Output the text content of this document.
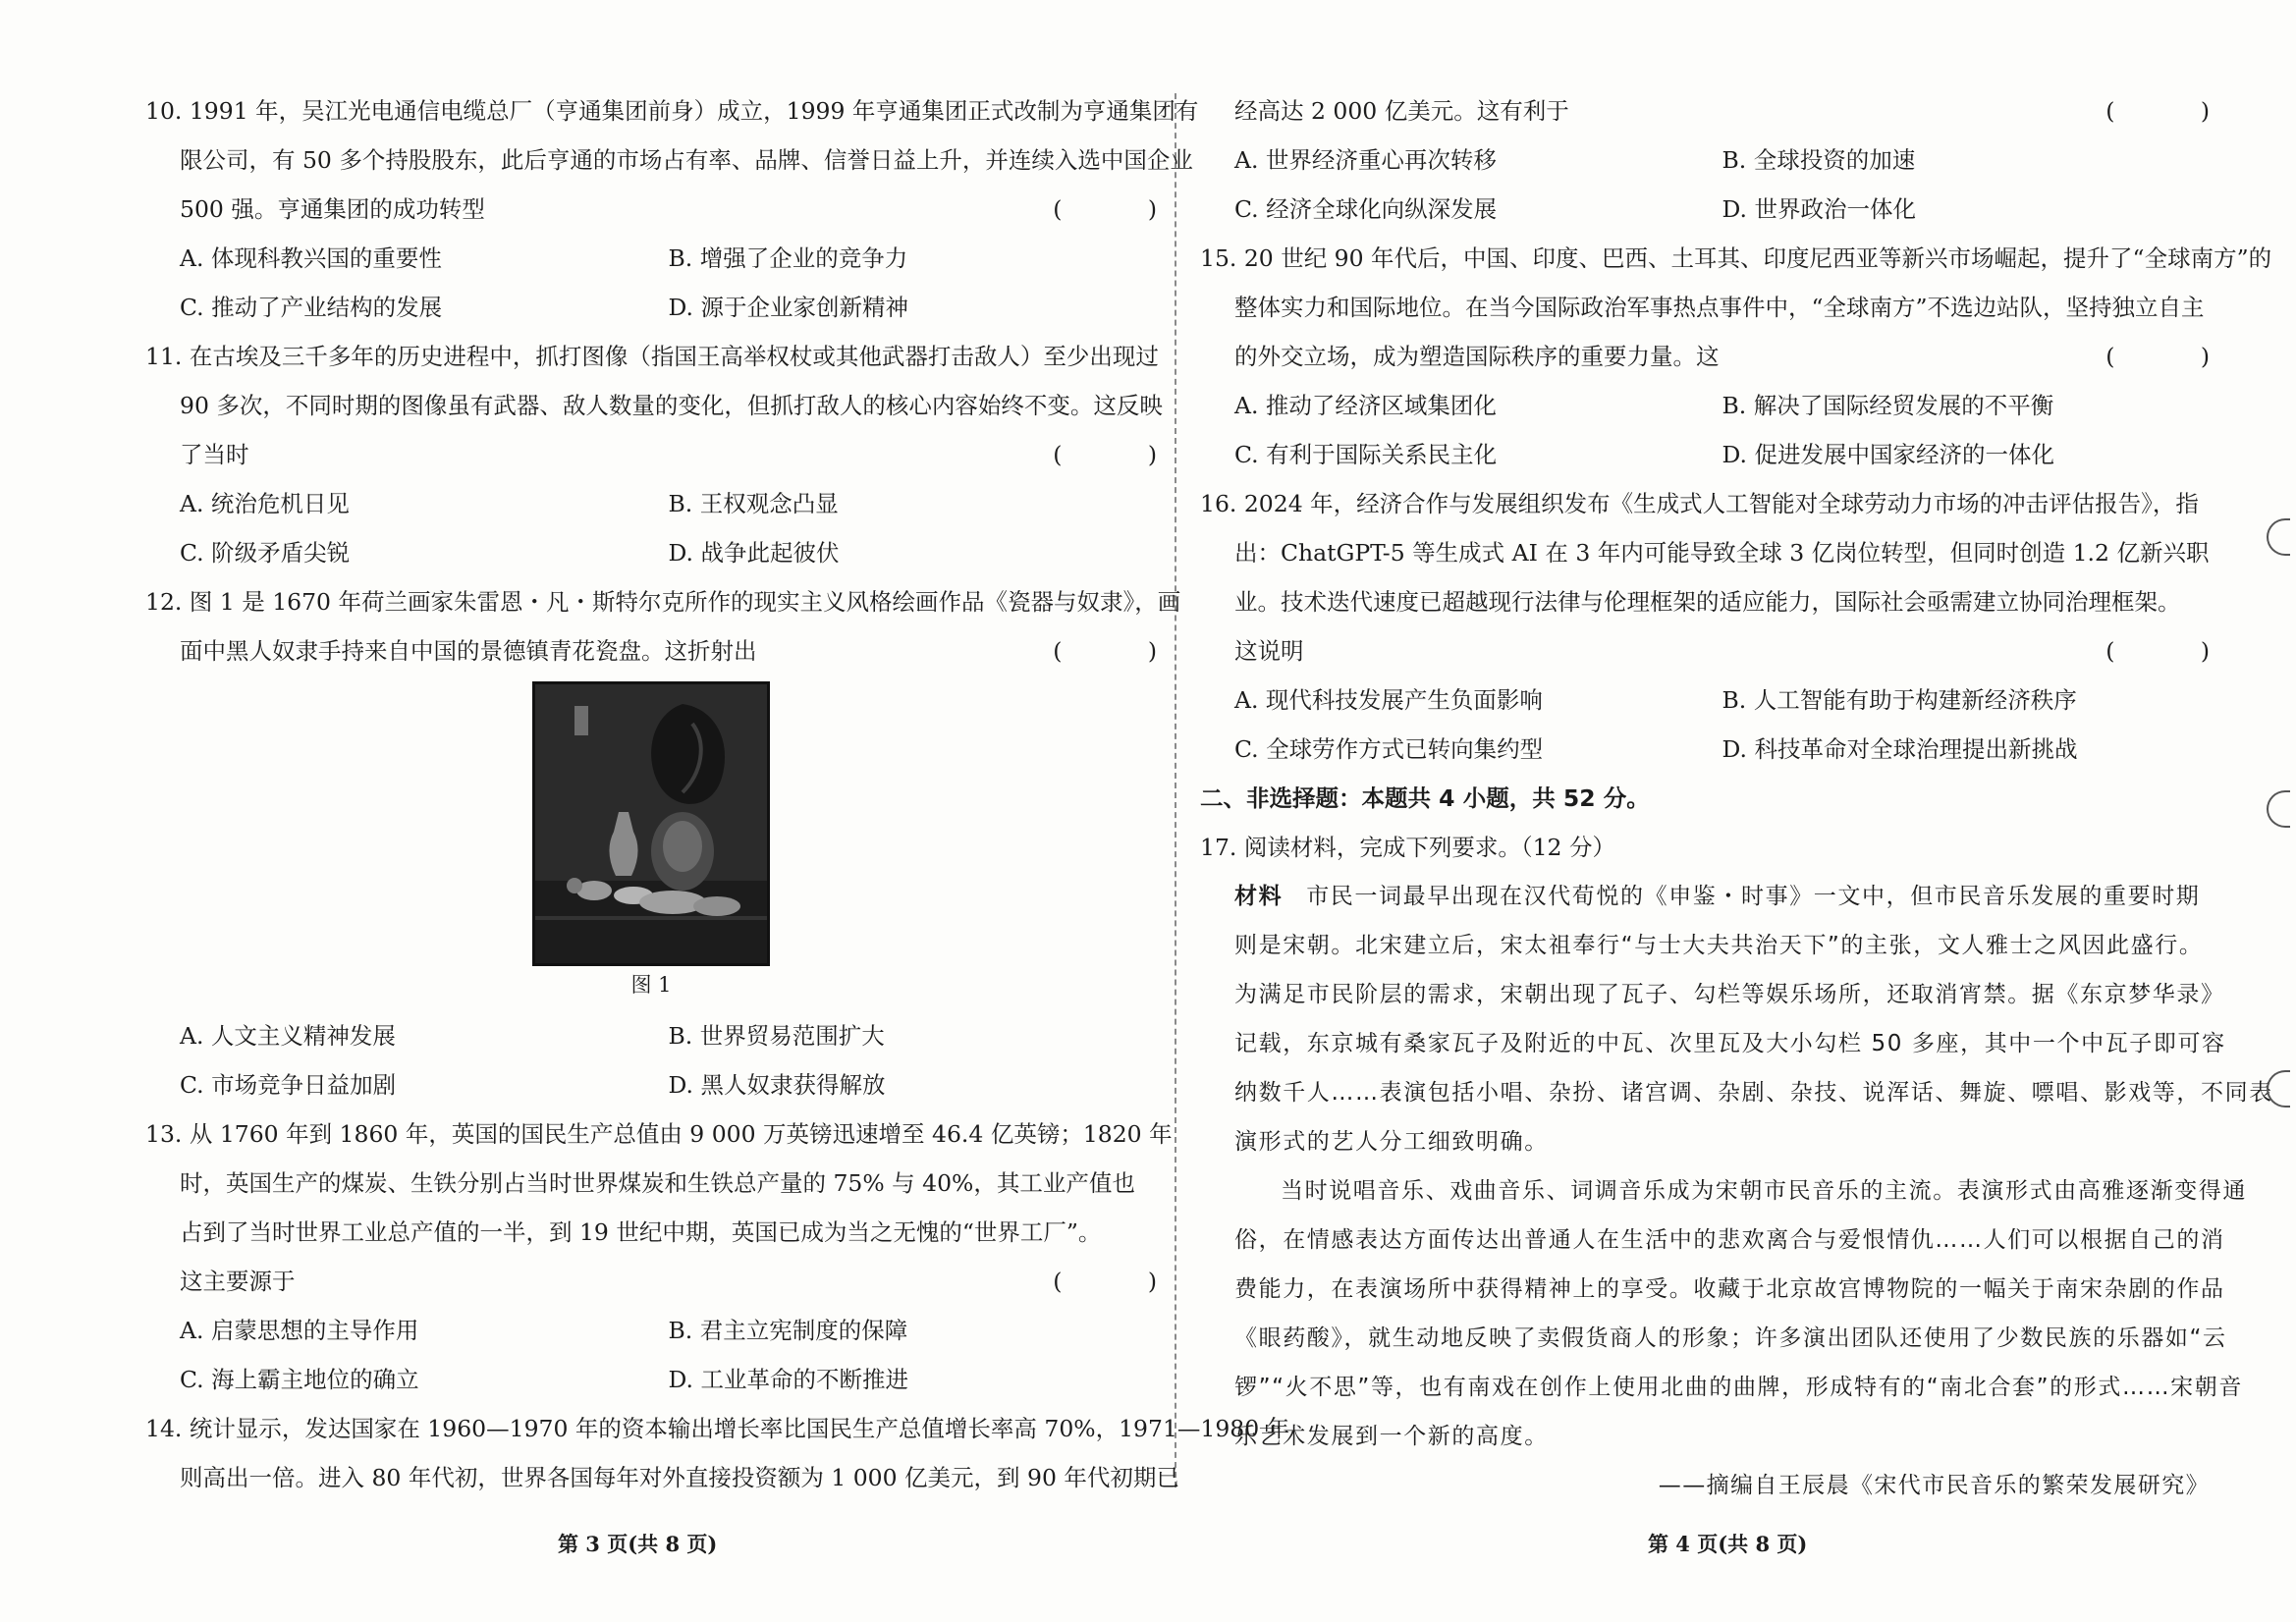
10. 1991 年，吴江光电通信电缆总厂（亨通集团前身）成立，1999 年亨通集团正式改制为亨通集团有
限公司，有 50 多个持股股东，此后亨通的市场占有率、品牌、信誉日益上升，并连续入选中国企业
500 强。亨通集团的成功转型	( )
A. 体现科教兴国的重要性	B. 增强了企业的竞争力
C. 推动了产业结构的发展	D. 源于企业家创新精神
11. 在古埃及三千多年的历史进程中，抓打图像（指国王高举权杖或其他武器打击敌人）至少出现过
90 多次，不同时期的图像虽有武器、敌人数量的变化，但抓打敌人的核心内容始终不变。这反映
了当时	( )
A. 统治危机日见	B. 王权观念凸显
C. 阶级矛盾尖锐	D. 战争此起彼伏
12. 图 1 是 1670 年荷兰画家朱雷恩・凡・斯特尔克所作的现实主义风格绘画作品《瓷器与奴隶》，画
面中黑人奴隶手持来自中国的景德镇青花瓷盘。这折射出	( )
图 1
A. 人文主义精神发展	B. 世界贸易范围扩大
C. 市场竞争日益加剧	D. 黑人奴隶获得解放
13. 从 1760 年到 1860 年，英国的国民生产总值由 9 000 万英镑迅速增至 46.4 亿英镑；1820 年
时，英国生产的煤炭、生铁分别占当时世界煤炭和生铁总产量的 75% 与 40%，其工业产值也
占到了当时世界工业总产值的一半，到 19 世纪中期，英国已成为当之无愧的“世界工厂”。
这主要源于	( )
A. 启蒙思想的主导作用	B. 君主立宪制度的保障
C. 海上霸主地位的确立	D. 工业革命的不断推进
14. 统计显示，发达国家在 1960—1970 年的资本输出增长率比国民生产总值增长率高 70%，1971—1980 年
则高出一倍。进入 80 年代初，世界各国每年对外直接投资额为 1 000 亿美元，到 90 年代初期已
第 3 页(共 8 页)
经高达 2 000 亿美元。这有利于	( )
A. 世界经济重心再次转移	B. 全球投资的加速
C. 经济全球化向纵深发展	D. 世界政治一体化
15. 20 世纪 90 年代后，中国、印度、巴西、土耳其、印度尼西亚等新兴市场崛起，提升了“全球南方”的
整体实力和国际地位。在当今国际政治军事热点事件中，“全球南方”不选边站队，坚持独立自主
的外交立场，成为塑造国际秩序的重要力量。这	( )
A. 推动了经济区域集团化	B. 解决了国际经贸发展的不平衡
C. 有利于国际关系民主化	D. 促进发展中国家经济的一体化
16. 2024 年，经济合作与发展组织发布《生成式人工智能对全球劳动力市场的冲击评估报告》，指
出：ChatGPT-5 等生成式 AI 在 3 年内可能导致全球 3 亿岗位转型，但同时创造 1.2 亿新兴职
业。技术迭代速度已超越现行法律与伦理框架的适应能力，国际社会亟需建立协同治理框架。
这说明	( )
A. 现代科技发展产生负面影响	B. 人工智能有助于构建新经济秩序
C. 全球劳作方式已转向集约型	D. 科技革命对全球治理提出新挑战
二、非选择题：本题共 4 小题，共 52 分。
17. 阅读材料，完成下列要求。（12 分）
材料 市民一词最早出现在汉代荀悦的《申鉴・时事》一文中，但市民音乐发展的重要时期
则是宋朝。北宋建立后，宋太祖奉行“与士大夫共治天下”的主张，文人雅士之风因此盛行。
为满足市民阶层的需求，宋朝出现了瓦子、勾栏等娱乐场所，还取消宵禁。据《东京梦华录》
记载，东京城有桑家瓦子及附近的中瓦、次里瓦及大小勾栏 50 多座，其中一个中瓦子即可容
纳数千人……表演包括小唱、杂扮、诸宫调、杂剧、杂技、说浑话、舞旋、嘌唱、影戏等，不同表
演形式的艺人分工细致明确。
当时说唱音乐、戏曲音乐、词调音乐成为宋朝市民音乐的主流。表演形式由高雅逐渐变得通
俗，在情感表达方面传达出普通人在生活中的悲欢离合与爱恨情仇……人们可以根据自己的消
费能力，在表演场所中获得精神上的享受。收藏于北京故宫博物院的一幅关于南宋杂剧的作品
《眼药酸》，就生动地反映了卖假货商人的形象；许多演出团队还使用了少数民族的乐器如“云
锣”“火不思”等，也有南戏在创作上使用北曲的曲牌，形成特有的“南北合套”的形式……宋朝音
乐艺术发展到一个新的高度。
——摘编自王辰晨《宋代市民音乐的繁荣发展研究》
第 4 页(共 8 页)
